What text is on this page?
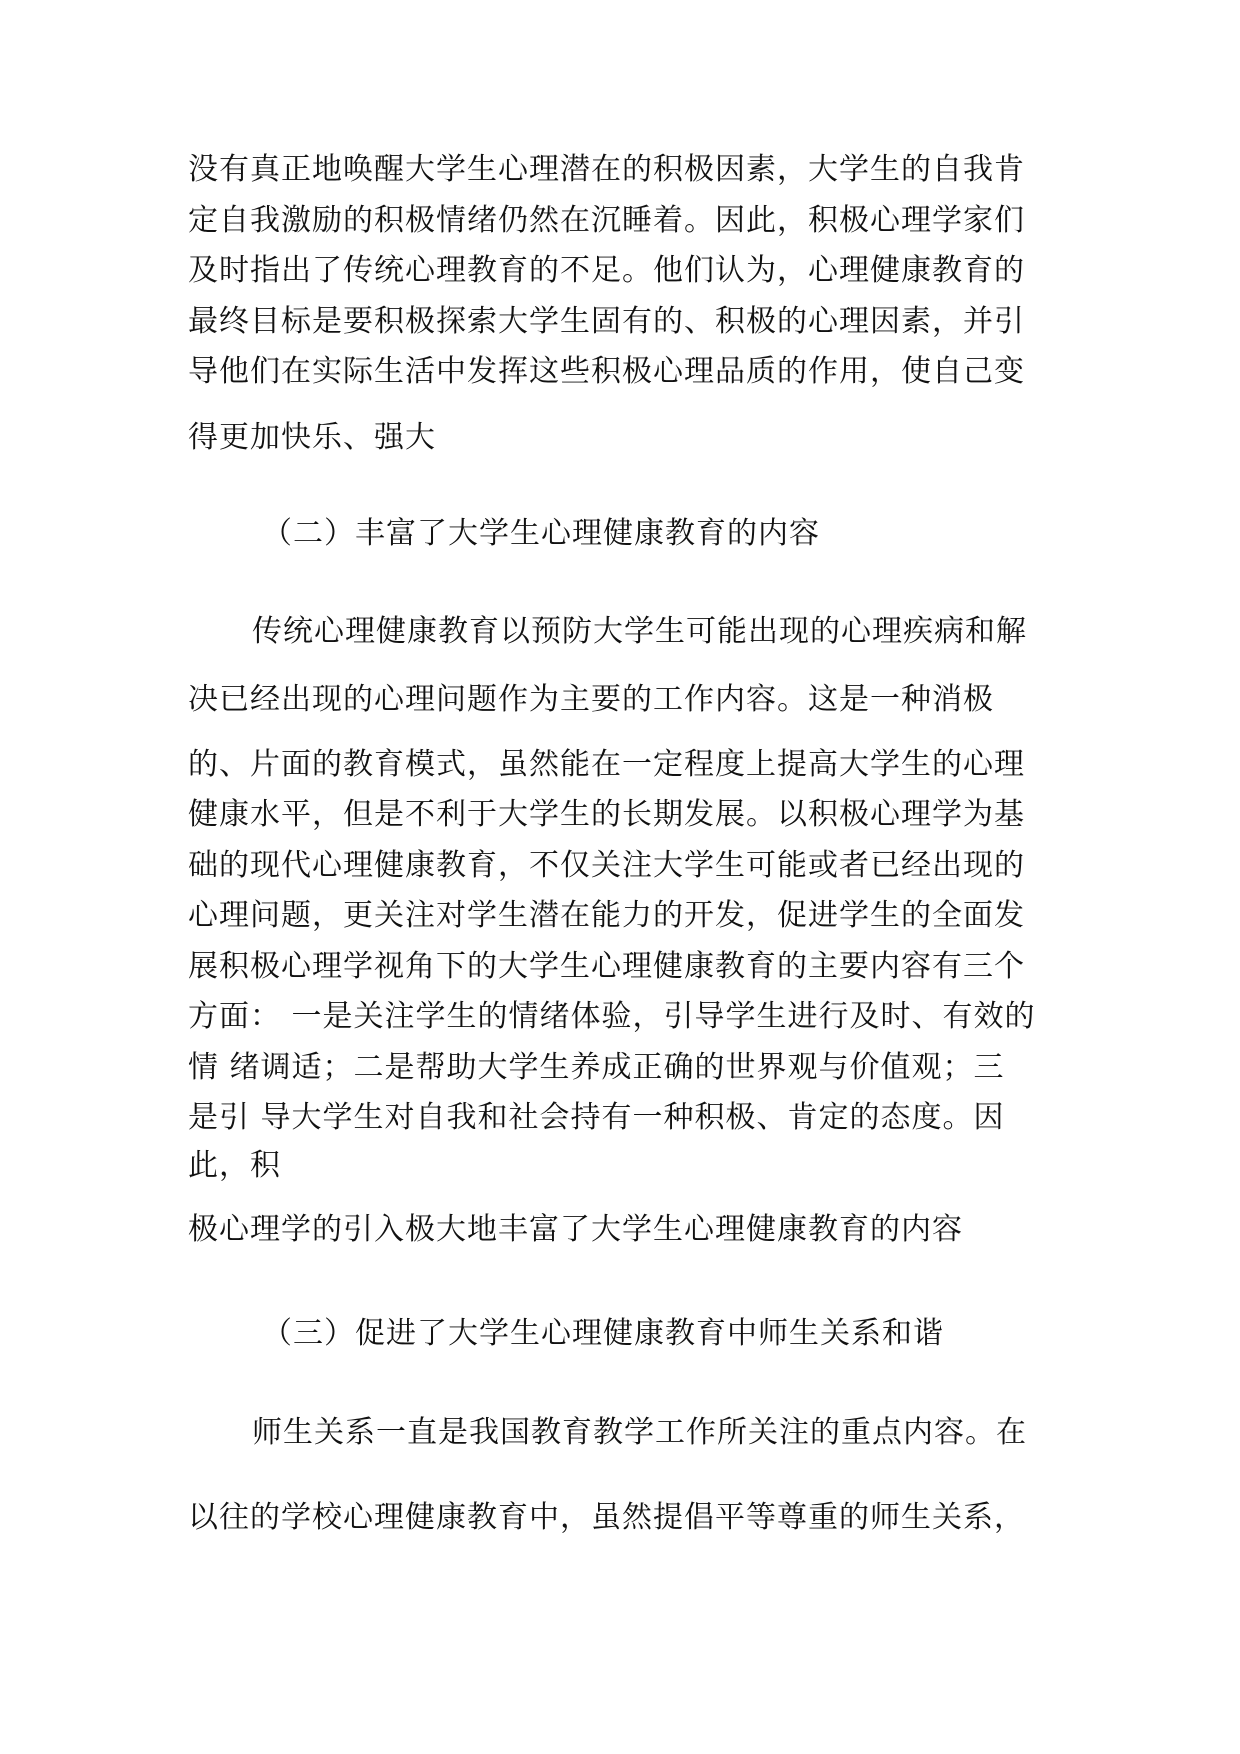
没有真正地唤醒大学生心理潜在的积极因素，大学生的自我肯
定自我激励的积极情绪仍然在沉睡着。因此，积极心理学家们
及时指出了传统心理教育的不足。他们认为，心理健康教育的
最终目标是要积极探索大学生固有的、积极的心理因素，并引
导他们在实际生活中发挥这些积极心理品质的作用，使自己变
得更加快乐、强大
（二）丰富了大学生心理健康教育的内容
传统心理健康教育以预防大学生可能出现的心理疾病和解
决已经出现的心理问题作为主要的工作内容。这是一种消极
的、片面的教育模式，虽然能在一定程度上提高大学生的心理
健康水平，但是不利于大学生的长期发展。以积极心理学为基
础的现代心理健康教育，不仅关注大学生可能或者已经出现的
心理问题，更关注对学生潜在能力的开发，促进学生的全面发
展积极心理学视角下的大学生心理健康教育的主要内容有三个
方面： 一是关注学生的情绪体验，引导学生进行及时、有效的
情 绪调适；二是帮助大学生养成正确的世界观与价值观；三
是引 导大学生对自我和社会持有一种积极、肯定的态度。因
此，积
极心理学的引入极大地丰富了大学生心理健康教育的内容
（三）促进了大学生心理健康教育中师生关系和谐
师生关系一直是我国教育教学工作所关注的重点内容。在
以往的学校心理健康教育中，虽然提倡平等尊重的师生关系，
